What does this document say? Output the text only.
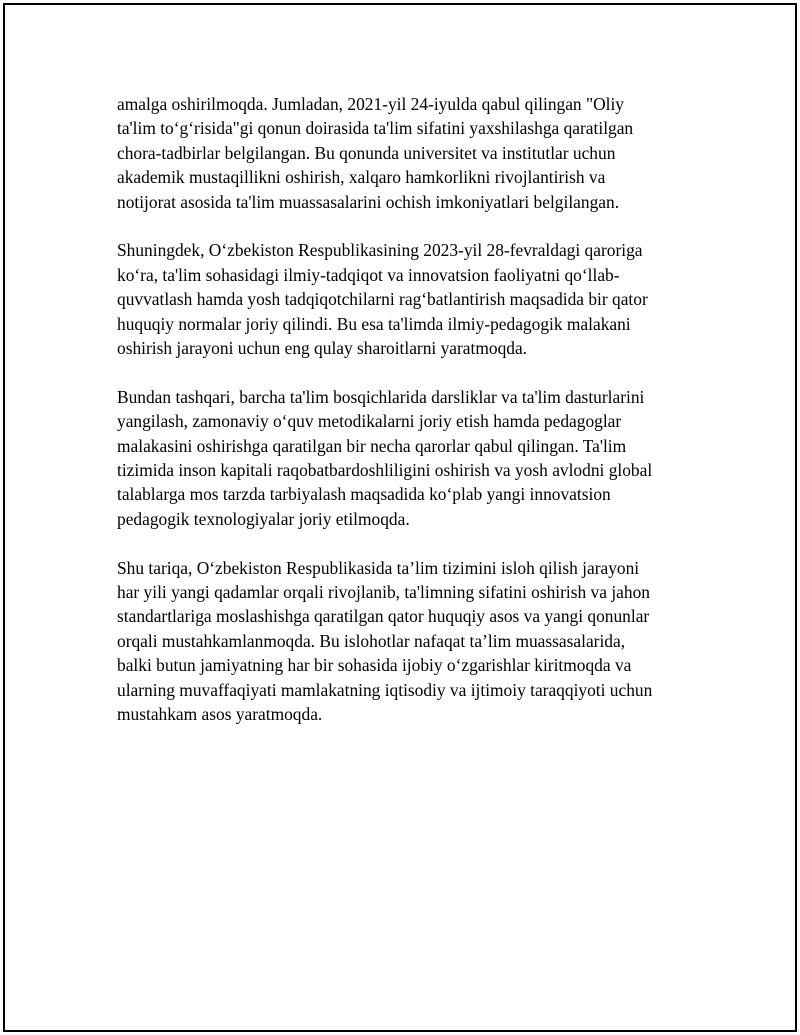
amalga oshirilmoqda. Jumladan, 2021-yil 24-iyulda qabul qilingan "Oliy
ta'lim to‘g‘risida"gi qonun doirasida ta'lim sifatini yaxshilashga qaratilgan
chora-tadbirlar belgilangan. Bu qonunda universitet va institutlar uchun
akademik mustaqillikni oshirish, xalqaro hamkorlikni rivojlantirish va
notijorat asosida ta'lim muassasalarini ochish imkoniyatlari belgilangan.

Shuningdek, O‘zbekiston Respublikasining 2023-yil 28-fevraldagi qaroriga
ko‘ra, ta'lim sohasidagi ilmiy-tadqiqot va innovatsion faoliyatni qo‘llab-
quvvatlash hamda yosh tadqiqotchilarni rag‘batlantirish maqsadida bir qator
huquqiy normalar joriy qilindi. Bu esa ta'limda ilmiy-pedagogik malakani
oshirish jarayoni uchun eng qulay sharoitlarni yaratmoqda.

Bundan tashqari, barcha ta'lim bosqichlarida darsliklar va ta'lim dasturlarini
yangilash, zamonaviy o‘quv metodikalarni joriy etish hamda pedagoglar
malakasini oshirishga qaratilgan bir necha qarorlar qabul qilingan. Ta'lim
tizimida inson kapitali raqobatbardoshliligini oshirish va yosh avlodni global
talablarga mos tarzda tarbiyalash maqsadida ko‘plab yangi innovatsion
pedagogik texnologiyalar joriy etilmoqda.

Shu tariqa, O‘zbekiston Respublikasida ta’lim tizimini isloh qilish jarayoni
har yili yangi qadamlar orqali rivojlanib, ta'limning sifatini oshirish va jahon
standartlariga moslashishga qaratilgan qator huquqiy asos va yangi qonunlar
orqali mustahkamlanmoqda. Bu islohotlar nafaqat ta’lim muassasalarida,
balki butun jamiyatning har bir sohasida ijobiy o‘zgarishlar kiritmoqda va
ularning muvaffaqiyati mamlakatning iqtisodiy va ijtimoiy taraqqiyoti uchun
mustahkam asos yaratmoqda.
